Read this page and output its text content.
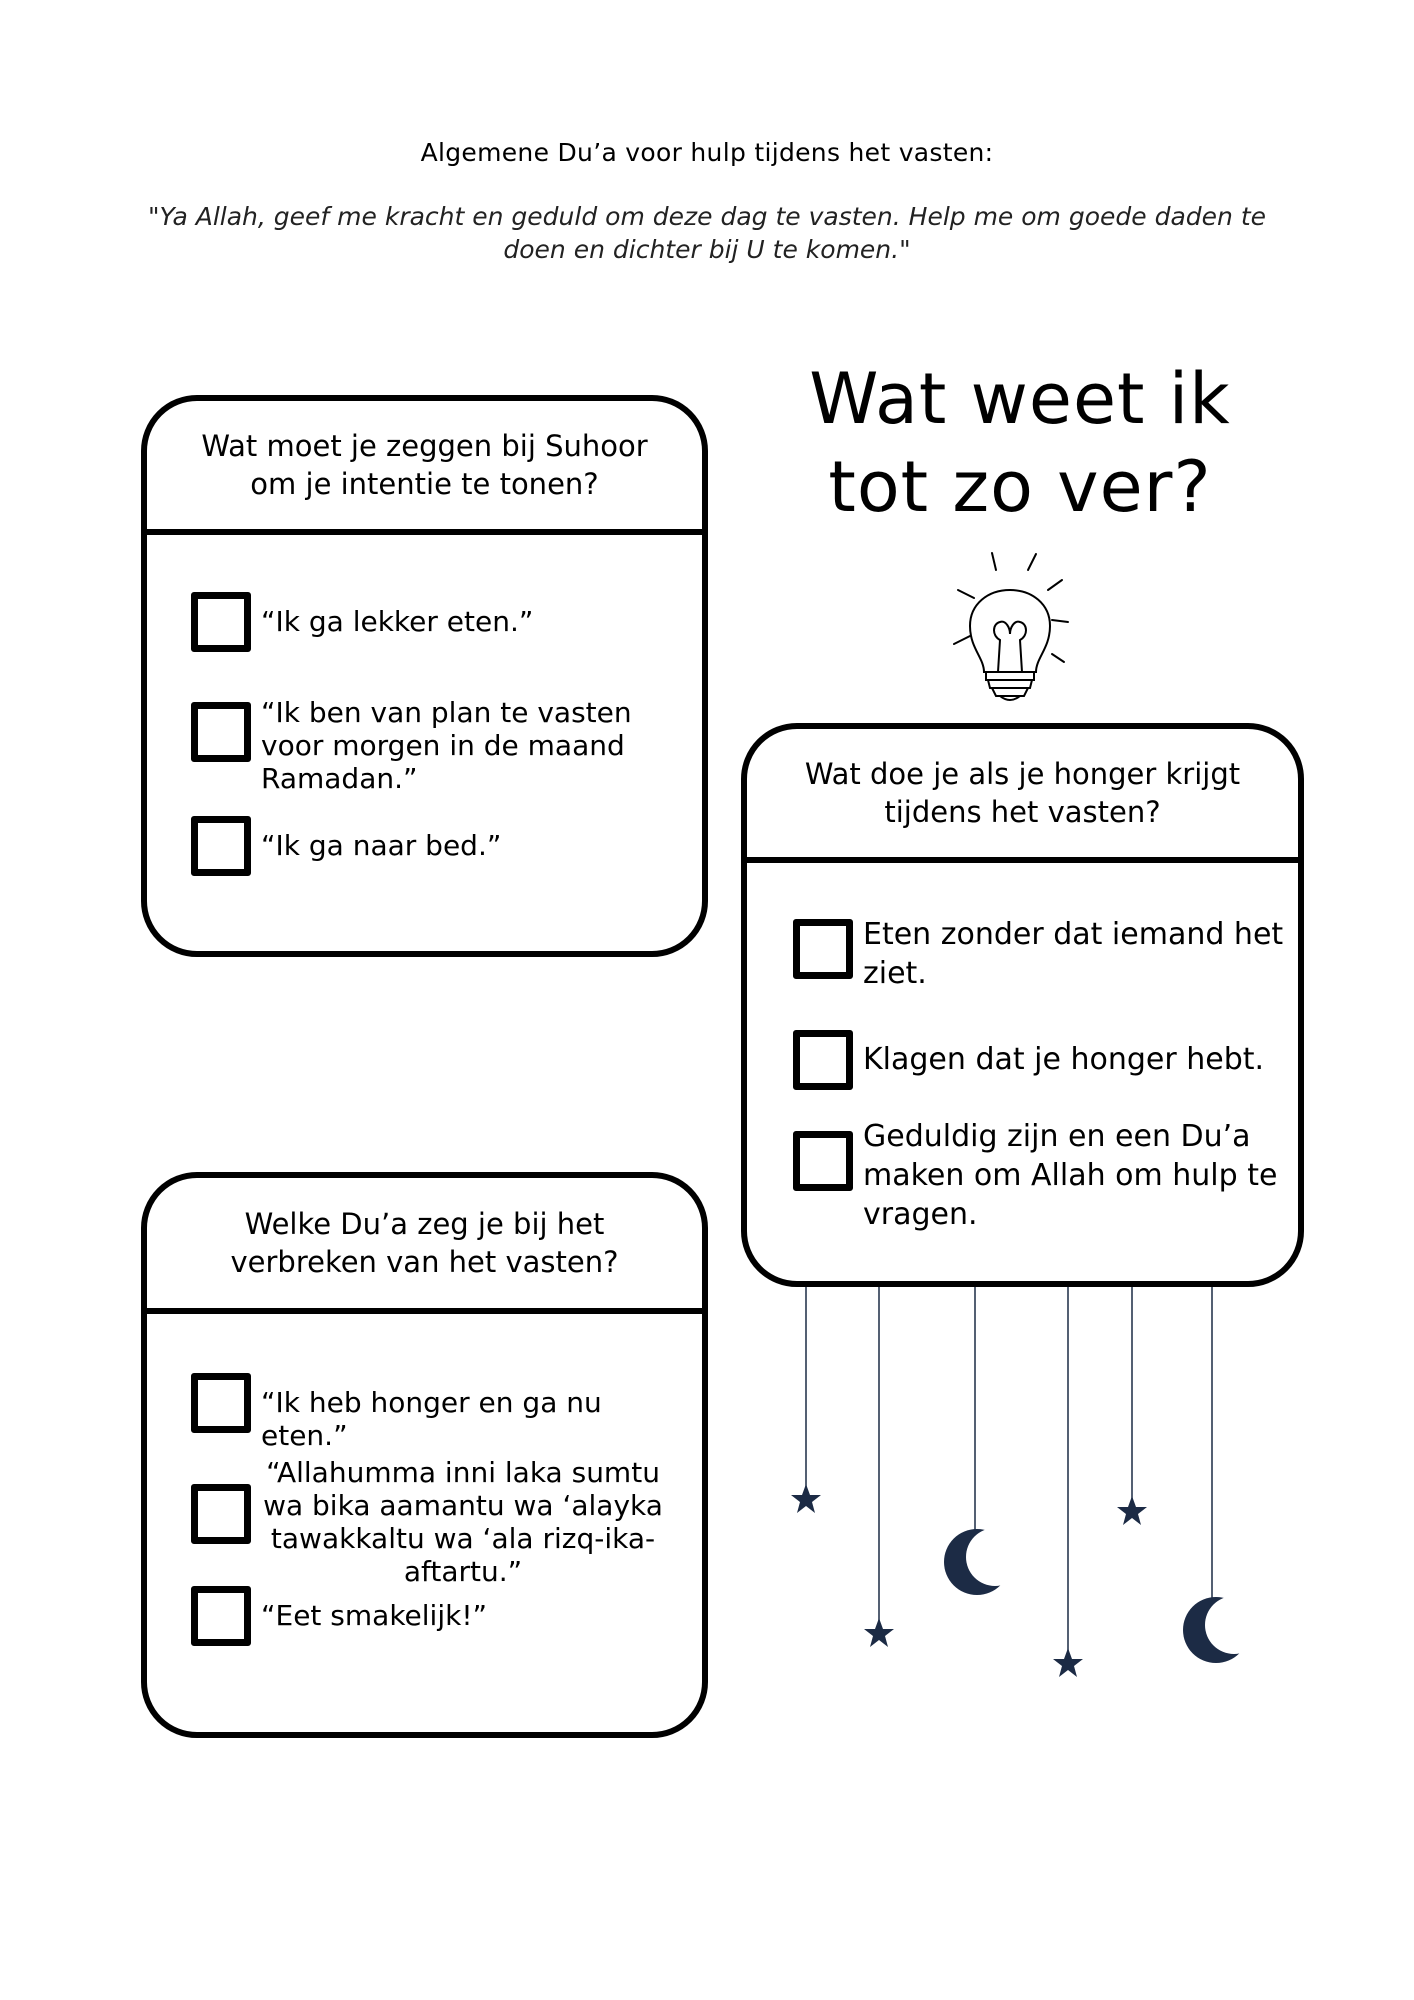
Algemene Du’a voor hulp tijdens het vasten:
"Ya Allah, geef me kracht en geduld om deze dag te vasten. Help me om goede daden te doen en dichter bij U te komen."
Wat weet ik
tot zo ver?
Wat moet je zeggen bij Suhoor om je intentie te tonen?
“Ik ga lekker eten.”
“Ik ben van plan te vasten voor morgen in de maand Ramadan.”
“Ik ga naar bed.”
Wat doe je als je honger krijgt tijdens het vasten?
Eten zonder dat iemand het ziet.
Klagen dat je honger hebt.
Geduldig zijn en een Du’a maken om Allah om hulp te vragen.
Welke Du’a zeg je bij het verbreken van het vasten?
“Ik heb honger en ga nu eten.”
“Allahumma inni laka sumtu wa bika aamantu wa ‘alayka tawakkaltu wa ‘ala rizq-ika-aftartu.”
“Eet smakelijk!”
